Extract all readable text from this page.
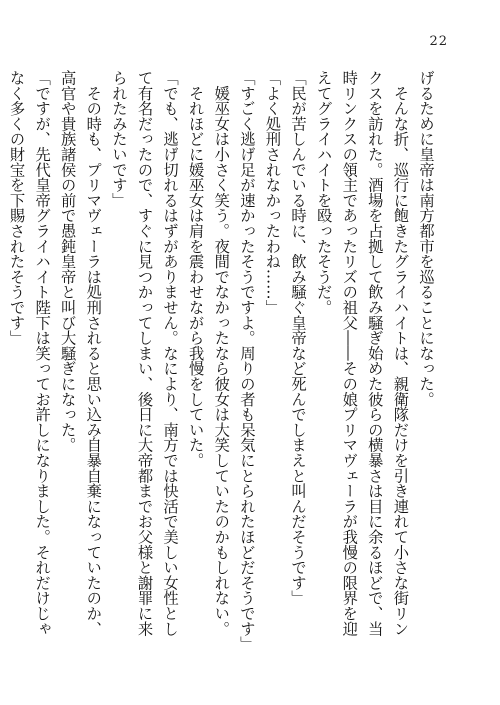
22

げるために皇帝は南方都市を巡ることになった。

　そんな折、巡行に飽きたグライハイトは、親衛隊だけを引き連れて小さな街リンクスを訪れた。酒場を占拠して飲み騒ぎ始めた彼らの横暴さは目に余るほどで、当時リンクスの領主であったリズの祖父――その娘プリマヴェーラが我慢の限界を迎えてグライハイトを殴ったそうだ。

「民が苦しんでいる時に、飲み騒ぐ皇帝など死んでしまえと叫んだそうです」

「よく処刑されなかったわね……」

「すごく逃げ足が速かったそうですよ。周りの者も呆気にとられたほどだそうです」

　媛巫女は小さく笑う。夜間でなかったなら彼女は大笑していたのかもしれない。

　それほどに媛巫女は肩を震わせながら我慢をしていた。

「でも、逃げ切れるはずがありません。なにより、南方では快活で美しい女性として有名だったので、すぐに見つかってしまい、後日に大帝都までお父様と謝罪に来られたみたいです」

　その時も、プリマヴェーラは処刑されると思い込み自暴自棄になっていたのか、高官や貴族諸侯の前で愚鈍皇帝と叫び大騒ぎになった。

「ですが、先代皇帝グライハイト陛下は笑ってお許しになりました。それだけじゃなく多くの財宝を下賜されたそうです」
